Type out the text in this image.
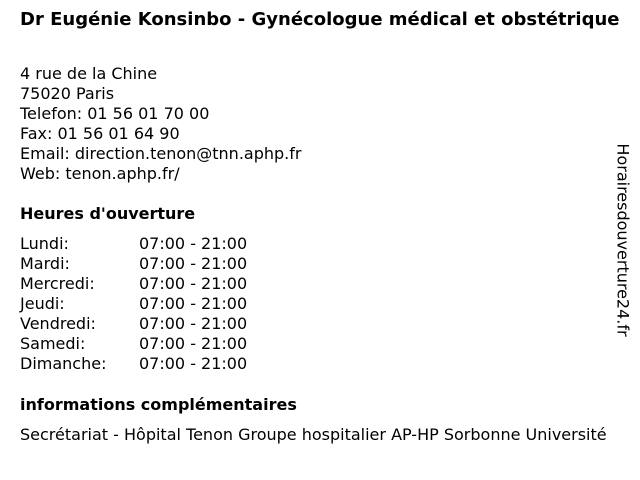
Dr Eugénie Konsinbo - Gynécologue médical et obstétrique
4 rue de la Chine
75020 Paris
Telefon: 01 56 01 70 00
Fax: 01 56 01 64 90
Email: direction.tenon@tnn.aphp.fr
Web: tenon.aphp.fr/
Heures d'ouverture
Lundi:	07:00 - 21:00
Mardi:	07:00 - 21:00
Mercredi:	07:00 - 21:00
Jeudi:	07:00 - 21:00
Vendredi:	07:00 - 21:00
Samedi:	07:00 - 21:00
Dimanche:	07:00 - 21:00
informations complémentaires
Secrétariat - Hôpital Tenon Groupe hospitalier AP-HP Sorbonne Université
Horairesdouverture24.fr
